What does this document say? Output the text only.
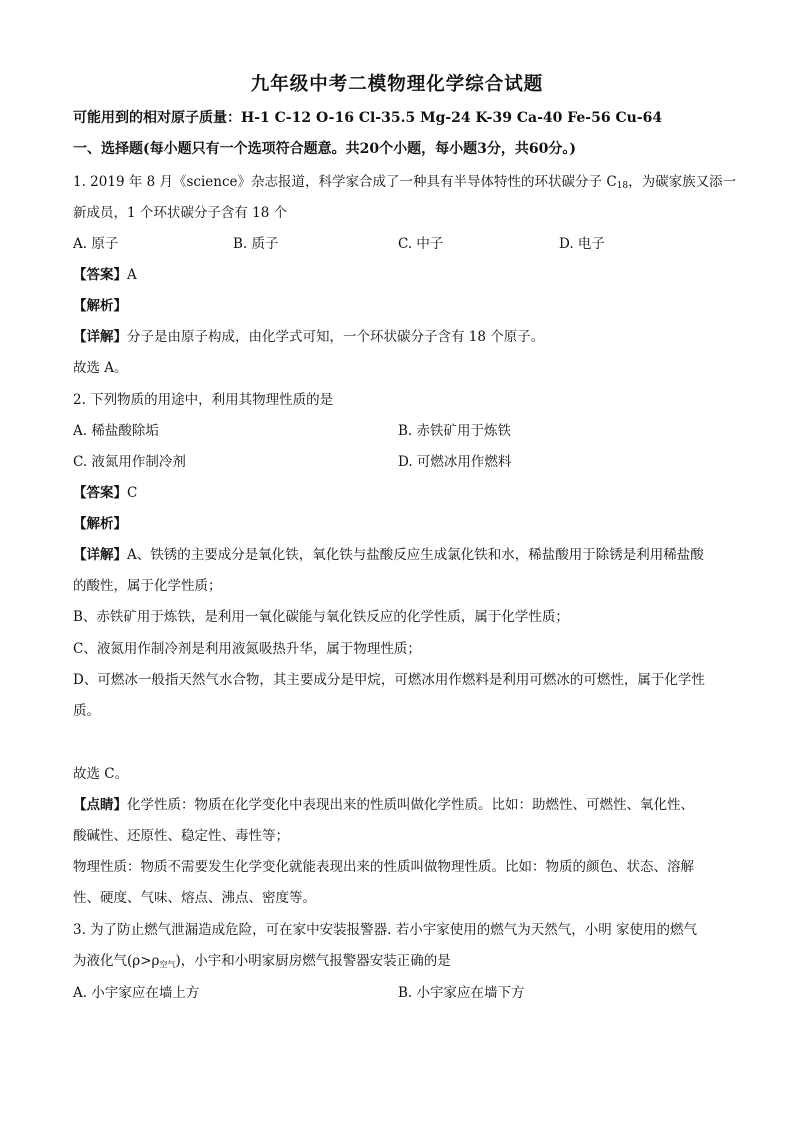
九年级中考二模物理化学综合试题
可能用到的相对原子质量：H-1 C-12 O-16 Cl-35.5 Mg-24 K-39 Ca-40 Fe-56 Cu-64
一、选择题(每小题只有一个选项符合题意。共20个小题，每小题3分，共60分。)
1. 2019 年 8 月《science》杂志报道，科学家合成了一种具有半导体特性的环状碳分子 $C_{18}$，为碳家族又添一
新成员，1 个环状碳分子含有 18 个
A. 原子	B. 质子	C. 中子	D. 电子
【答案】A
【解析】
【详解】分子是由原子构成，由化学式可知，一个环状碳分子含有 18 个原子。
故选 A。
2. 下列物质的用途中，利用其物理性质的是
A. 稀盐酸除垢	B. 赤铁矿用于炼铁
C. 液氮用作制冷剂	D. 可燃冰用作燃料
【答案】C
【解析】
【详解】A、铁锈的主要成分是氧化铁，氧化铁与盐酸反应生成氯化铁和水，稀盐酸用于除锈是利用稀盐酸
的酸性，属于化学性质；
B、赤铁矿用于炼铁，是利用一氧化碳能与氧化铁反应的化学性质，属于化学性质；
C、液氮用作制冷剂是利用液氮吸热升华，属于物理性质；
D、可燃冰一般指天然气水合物，其主要成分是甲烷，可燃冰用作燃料是利用可燃冰的可燃性，属于化学性
质。
故选 C。
【点睛】化学性质：物质在化学变化中表现出来的性质叫做化学性质。比如：助燃性、可燃性、氧化性、
酸碱性、还原性、稳定性、毒性等；
物理性质：物质不需要发生化学变化就能表现出来的性质叫做物理性质。比如：物质的颜色、状态、溶解
性、硬度、气味、熔点、沸点、密度等。
3. 为了防止燃气泄漏造成危险，可在家中安装报警器. 若小宇家使用的燃气为天然气，小明 家使用的燃气
为液化气(ρ>ρ空气)，小宇和小明家厨房燃气报警器安装正确的是
A. 小宇家应在墙上方	B. 小宇家应在墙下方
